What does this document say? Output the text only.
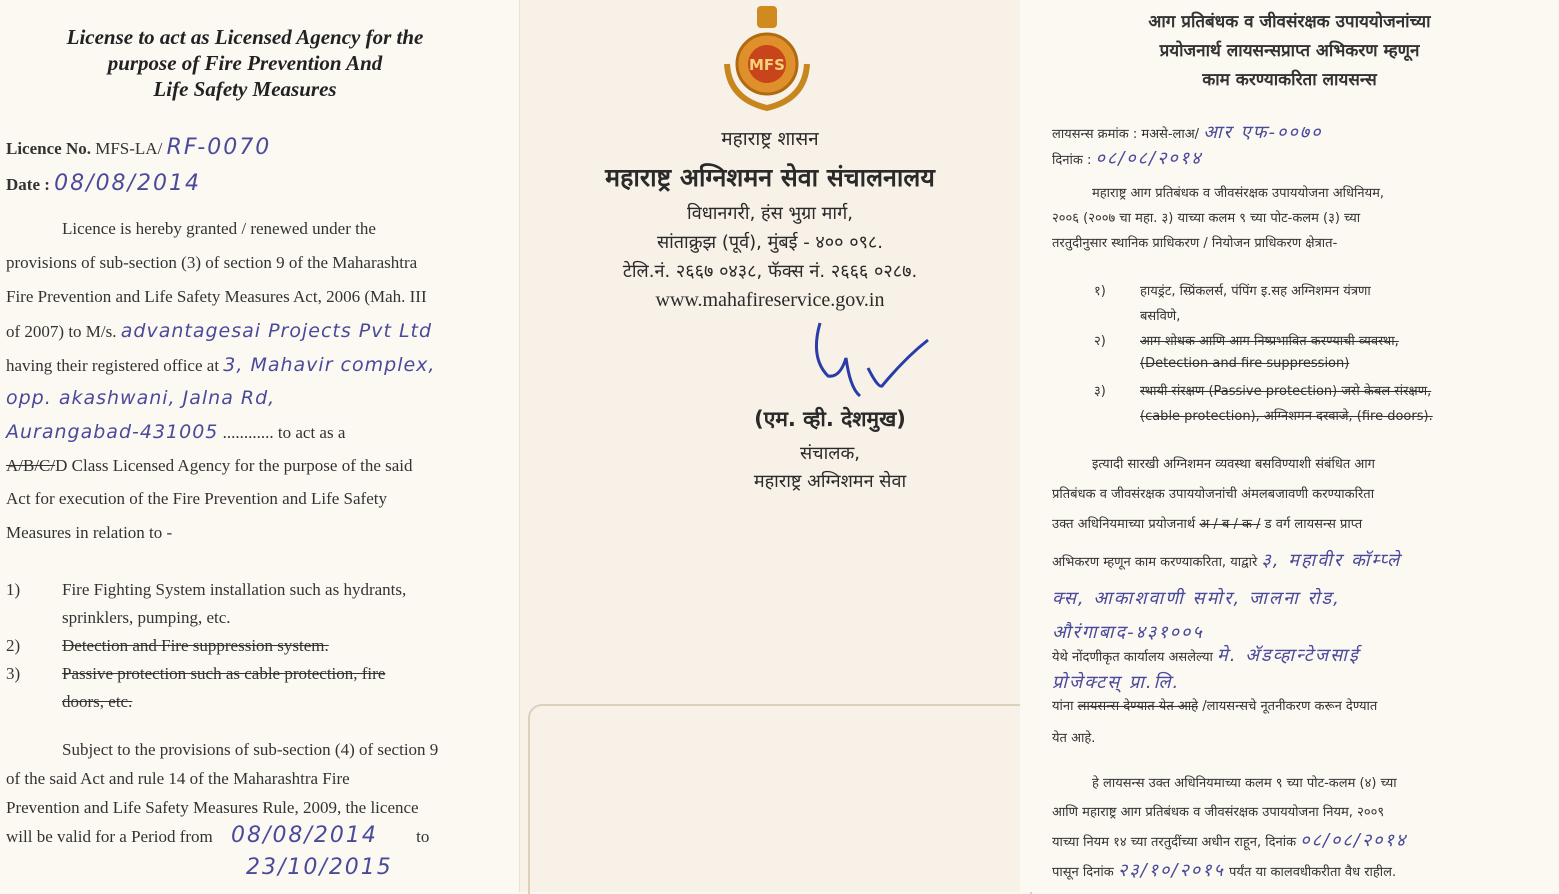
License to act as Licensed Agency for the
purpose of Fire Prevention And
Life Safety Measures
Licence No. MFS-LA/ RF-0070
Date : 08/08/2014
Licence is hereby granted / renewed under the
provisions of sub-section (3) of section 9 of the Maharashtra
Fire Prevention and Life Safety Measures Act, 2006 (Mah. III
of 2007) to M/s. advantagesai Projects Pvt Ltd
having their registered office at 3, Mahavir complex,
opp. akashwani, Jalna Rd,
Aurangabad-431005 ............ to act as a
A/B/C/D Class Licensed Agency for the purpose of the said
Act for execution of the Fire Prevention and Life Safety
Measures in relation to -
1) Fire Fighting System installation such as hydrants,
sprinklers, pumping, etc.
2) Detection and Fire suppression system.
3) Passive protection such as cable protection, fire
doors, etc.
Subject to the provisions of sub-section (4) of section 9
of the said Act and rule 14 of the Maharashtra Fire
Prevention and Life Safety Measures Rule, 2009, the licence
will be valid for a Period from 08/08/2014 to
23/10/2015
MFS
महाराष्ट्र शासन
महाराष्ट्र अग्निशमन सेवा संचालनालय
विधानगरी, हंस भुग्रा मार्ग,
सांताक्रुझ (पूर्व), मुंबई - ४०० ०९८.
टेलि.नं. २६६७ ०४३८, फॅक्स नं. २६६६ ०२८७.
www.mahafireservice.gov.in
(एम. व्ही. देशमुख)
संचालक,
महाराष्ट्र अग्निशमन सेवा
आग प्रतिबंधक व जीवसंरक्षक उपाययोजनांच्या
प्रयोजनार्थ लायसन्सप्राप्त अभिकरण म्हणून
काम करण्याकरिता लायसन्स
लायसन्स क्रमांक : मअसे-लाअ/ आर एफ-००७०
दिनांक : ०८/०८/२०१४
महाराष्ट्र आग प्रतिबंधक व जीवसंरक्षक उपाययोजना अधिनियम,
२००६ (२००७ चा महा. ३) याच्या कलम ९ च्या पोट-कलम (३) च्या
तरतुदीनुसार स्थानिक प्राधिकरण / नियोजन प्राधिकरण क्षेत्रात-
१)	हायड्रंट, स्प्रिंकलर्स, पंपिंग इ.सह अग्निशमन यंत्रणा
बसविणे,
२)	आग शोधक आणि आग निष्प्रभावित करण्याची व्यवस्था,
(Detection and fire suppression)
३)	स्थायी संरक्षण (Passive protection) जसे केबल संरक्षण,
(cable protection), अग्निशमन दरवाजे, (fire doors).
इत्यादी सारखी अग्निशमन व्यवस्था बसविण्याशी संबंधित आग
प्रतिबंधक व जीवसंरक्षक उपाययोजनांची अंमलबजावणी करण्याकरिता
उक्त अधिनियमाच्या प्रयोजनार्थ अ / ब / क / ड वर्ग लायसन्स प्राप्त
अभिकरण म्हणून काम करण्याकरिता, याद्वारे ३, महावीर कॉम्प्ले
क्स, आकाशवाणी समोर, जालना रोड,
औरंगाबाद-४३१००५
येथे नोंदणीकृत कार्यालय असलेल्या मे. ॲडव्हान्टेजसाई
प्रोजेक्टस् प्रा.लि.
यांना लायसन्स देण्यात येत आहे /लायसन्सचे नूतनीकरण करून देण्यात
येत आहे.
हे लायसन्स उक्त अधिनियमाच्या कलम ९ च्या पोट-कलम (४) च्या
आणि महाराष्ट्र आग प्रतिबंधक व जीवसंरक्षक उपाययोजना नियम, २००९
याच्या नियम १४ च्या तरतुदींच्या अधीन राहून, दिनांक ०८/०८/२०१४
पासून दिनांक २३/१०/२०१५ पर्यंत या कालवधीकरीता वैध राहील.
